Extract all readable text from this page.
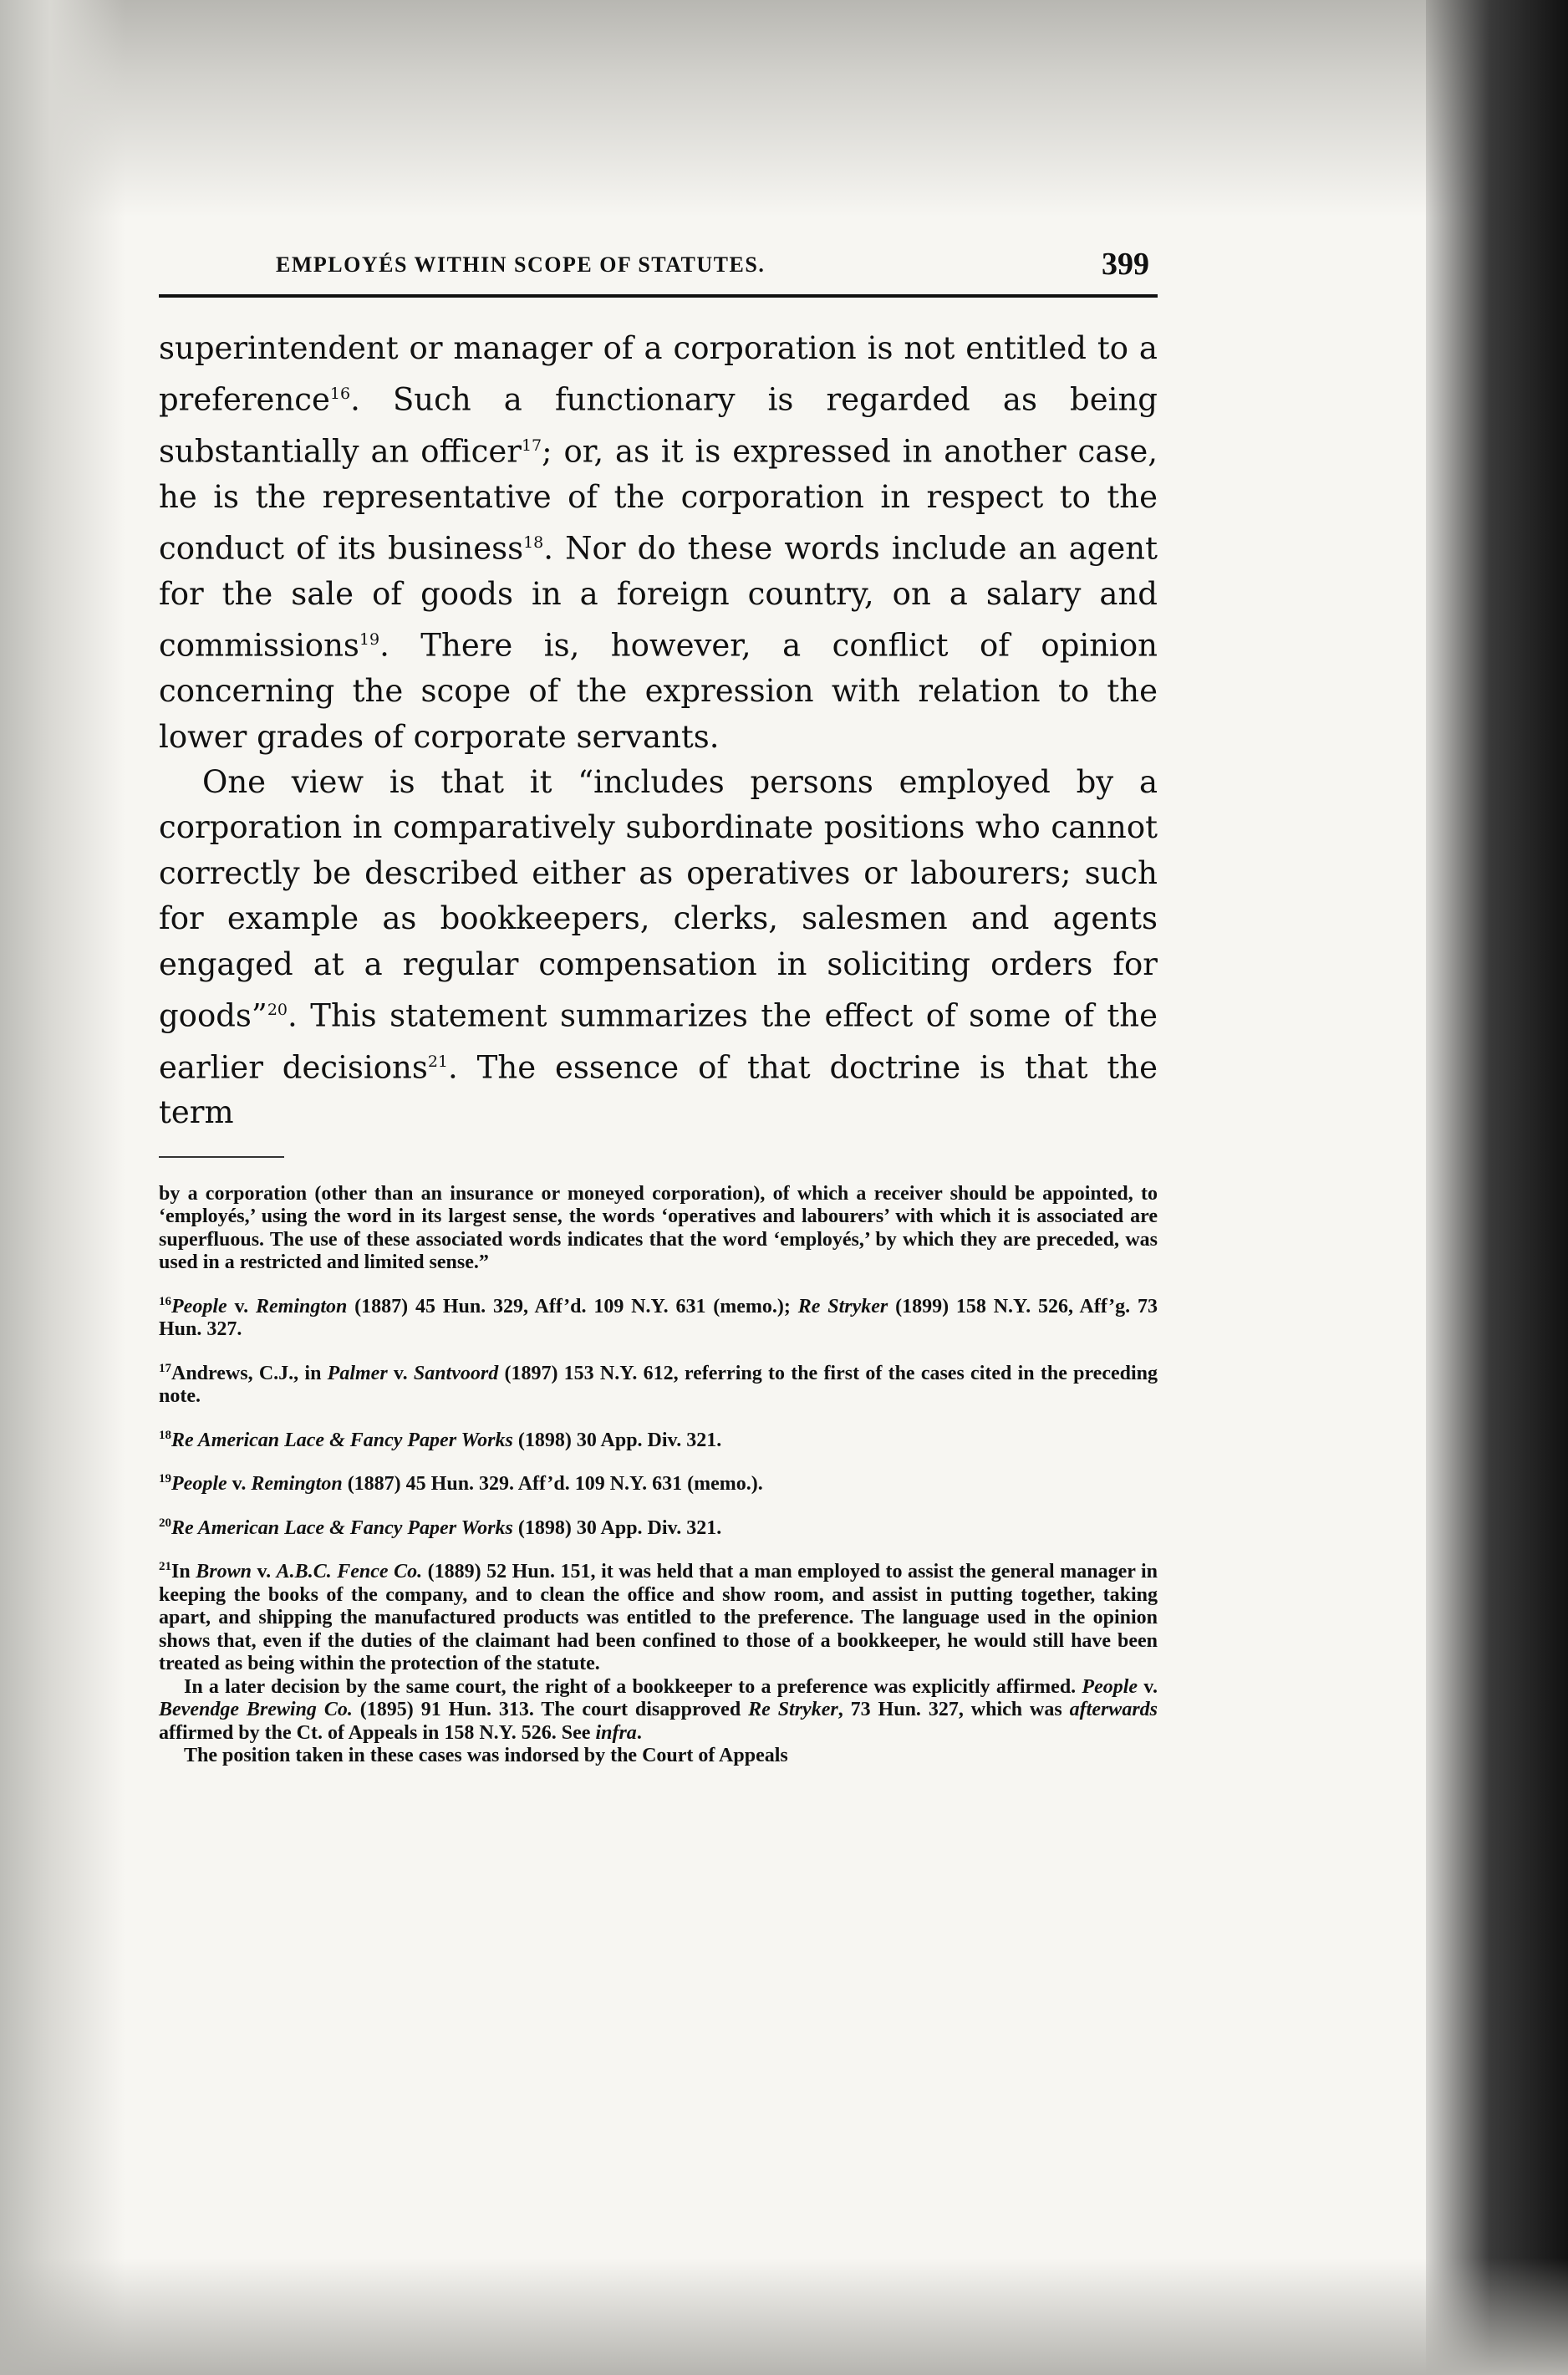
EMPLOYÉS WITHIN SCOPE OF STATUTES.	399

superintendent or manager of a corporation is not entitled to a preference$^{16}$. Such a functionary is regarded as being substantially an officer$^{17}$; or, as it is expressed in another case, he is the representative of the corporation in respect to the conduct of its business$^{18}$. Nor do these words include an agent for the sale of goods in a foreign country, on a salary and commissions$^{19}$. There is, however, a conflict of opinion concerning the scope of the expression with relation to the lower grades of corporate servants.

One view is that it “includes persons employed by a corporation in comparatively subordinate positions who cannot correctly be described either as operatives or labourers; such for example as bookkeepers, clerks, salesmen and agents engaged at a regular compensation in soliciting orders for goods”$^{20}$. This statement summarizes the effect of some of the earlier decisions$^{21}$. The essence of that doctrine is that the term

by a corporation (other than an insurance or moneyed corporation), of which a receiver should be appointed, to ‘employés,’ using the word in its largest sense, the words ‘operatives and labourers’ with which it is associated are superfluous. The use of these associated words indicates that the word ‘employés,’ by which they are preceded, was used in a restricted and limited sense.”

$^{16}$People v. Remington (1887) 45 Hun. 329, Aff’d. 109 N.Y. 631 (memo.); Re Stryker (1899) 158 N.Y. 526, Aff’g. 73 Hun. 327.

$^{17}$Andrews, C.J., in Palmer v. Santvoord (1897) 153 N.Y. 612, referring to the first of the cases cited in the preceding note.

$^{18}$Re American Lace & Fancy Paper Works (1898) 30 App. Div. 321.

$^{19}$People v. Remington (1887) 45 Hun. 329. Aff’d. 109 N.Y. 631 (memo.).

$^{20}$Re American Lace & Fancy Paper Works (1898) 30 App. Div. 321.

$^{21}$In Brown v. A.B.C. Fence Co. (1889) 52 Hun. 151, it was held that a man employed to assist the general manager in keeping the books of the company, and to clean the office and show room, and assist in putting together, taking apart, and shipping the manufactured products was entitled to the preference. The language used in the opinion shows that, even if the duties of the claimant had been confined to those of a bookkeeper, he would still have been treated as being within the protection of the statute.

In a later decision by the same court, the right of a bookkeeper to a preference was explicitly affirmed. People v. Bevendge Brewing Co. (1895) 91 Hun. 313. The court disapproved Re Stryker, 73 Hun. 327, which was afterwards affirmed by the Ct. of Appeals in 158 N.Y. 526. See infra.

The position taken in these cases was indorsed by the Court of Appeals
